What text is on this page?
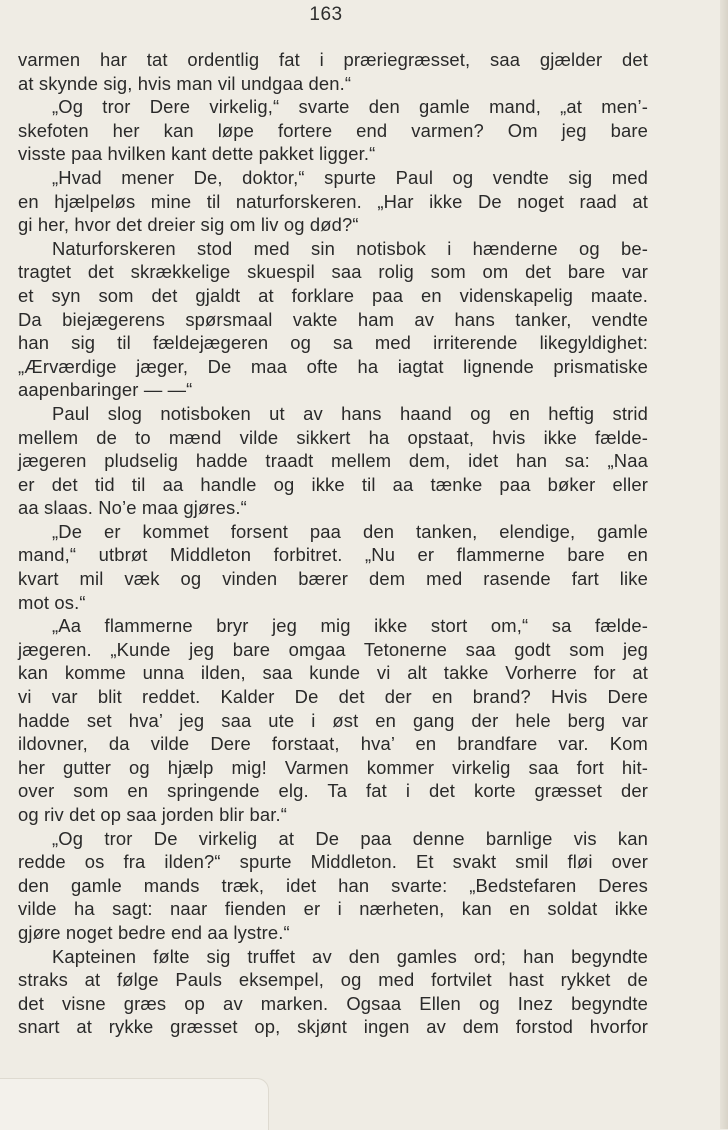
163
varmen har tat ordentlig fat i præriegræsset, saa gjælder det
at skynde sig, hvis man vil undgaa den.“
„Og tror Dere virkelig,“ svarte den gamle mand, „at men’-
skefoten her kan løpe fortere end varmen? Om jeg bare
visste paa hvilken kant dette pakket ligger.“
„Hvad mener De, doktor,“ spurte Paul og vendte sig med
en hjælpeløs mine til naturforskeren. „Har ikke De noget raad at
gi her, hvor det dreier sig om liv og død?“
Naturforskeren stod med sin notisbok i hænderne og be-
tragtet det skrækkelige skuespil saa rolig som om det bare var
et syn som det gjaldt at forklare paa en videnskapelig maate.
Da biejægerens spørsmaal vakte ham av hans tanker, vendte
han sig til fældejægeren og sa med irriterende likegyldighet:
„Ærværdige jæger, De maa ofte ha iagtat lignende prismatiske
aapenbaringer — —“
Paul slog notisboken ut av hans haand og en heftig strid
mellem de to mænd vilde sikkert ha opstaat, hvis ikke fælde-
jægeren pludselig hadde traadt mellem dem, idet han sa: „Naa
er det tid til aa handle og ikke til aa tænke paa bøker eller
aa slaas. No’e maa gjøres.“
„De er kommet forsent paa den tanken, elendige, gamle
mand,“ utbrøt Middleton forbitret. „Nu er flammerne bare en
kvart mil væk og vinden bærer dem med rasende fart like
mot os.“
„Aa flammerne bryr jeg mig ikke stort om,“ sa fælde-
jægeren. „Kunde jeg bare omgaa Tetonerne saa godt som jeg
kan komme unna ilden, saa kunde vi alt takke Vorherre for at
vi var blit reddet. Kalder De det der en brand? Hvis Dere
hadde set hva’ jeg saa ute i øst en gang der hele berg var
ildovner, da vilde Dere forstaat, hva’ en brandfare var. Kom
her gutter og hjælp mig! Varmen kommer virkelig saa fort hit-
over som en springende elg. Ta fat i det korte græsset der
og riv det op saa jorden blir bar.“
„Og tror De virkelig at De paa denne barnlige vis kan
redde os fra ilden?“ spurte Middleton. Et svakt smil fløi over
den gamle mands træk, idet han svarte: „Bedstefaren Deres
vilde ha sagt: naar fienden er i nærheten, kan en soldat ikke
gjøre noget bedre end aa lystre.“
Kapteinen følte sig truffet av den gamles ord; han begyndte
straks at følge Pauls eksempel, og med fortvilet hast rykket de
det visne græs op av marken. Ogsaa Ellen og Inez begyndte
snart at rykke græsset op, skjønt ingen av dem forstod hvorfor
